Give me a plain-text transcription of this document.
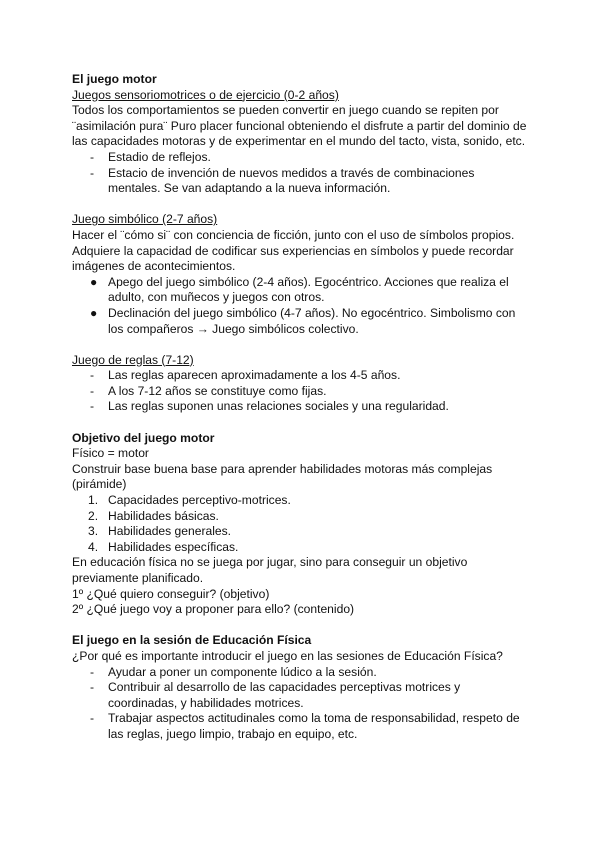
El juego motor

Juegos sensoriomotrices o de ejercicio (0-2 años)

Todos los comportamientos se pueden convertir en juego cuando se repiten por ¨asimilación pura¨ Puro placer funcional obteniendo el disfrute a partir del dominio de las capacidades motoras y de experimentar en el mundo del tacto, vista, sonido, etc.

- Estadio de reflejos.
- Estacio de invención de nuevos medidos a través de combinaciones mentales. Se van adaptando a la nueva información.

Juego simbólico (2-7 años)

Hacer el ¨cómo si¨ con conciencia de ficción, junto con el uso de símbolos propios. Adquiere la capacidad de codificar sus experiencias en símbolos y puede recordar imágenes de acontecimientos.

● Apego del juego simbólico (2-4 años). Egocéntrico. Acciones que realiza el adulto, con muñecos y juegos con otros.
● Declinación del juego simbólico (4-7 años). No egocéntrico. Simbolismo con los compañeros → Juego simbólicos colectivo.

Juego de reglas (7-12)

- Las reglas aparecen aproximadamente a los 4-5 años.
- A los 7-12 años se constituye como fijas.
- Las reglas suponen unas relaciones sociales y una regularidad.

Objetivo del juego motor

Físico = motor

Construir base buena base para aprender habilidades motoras más complejas (pirámide)

1. Capacidades perceptivo-motrices.
2. Habilidades básicas.
3. Habilidades generales.
4. Habilidades específicas.

En educación física no se juega por jugar, sino para conseguir un objetivo previamente planificado.

1º ¿Qué quiero conseguir? (objetivo)

2º ¿Qué juego voy a proponer para ello? (contenido)

El juego en la sesión de Educación Física

¿Por qué es importante introducir el juego en las sesiones de Educación Física?

- Ayudar a poner un componente lúdico a la sesión.
- Contribuir al desarrollo de las capacidades perceptivas motrices y coordinadas, y habilidades motrices.
- Trabajar aspectos actitudinales como la toma de responsabilidad, respeto de las reglas, juego limpio, trabajo en equipo, etc.
